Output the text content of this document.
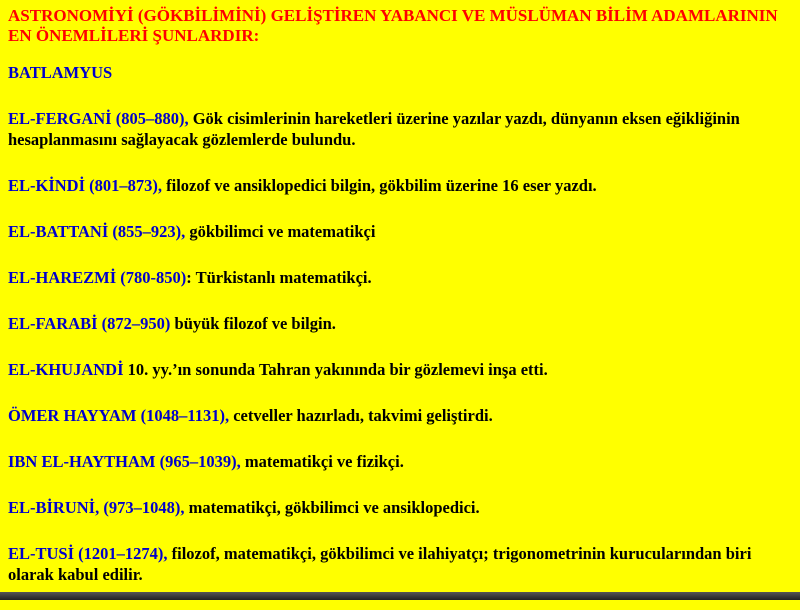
ASTRONOMİYİ (GÖKBİLİMİNİ) GELİŞTİREN YABANCI VE MÜSLÜMAN BİLİM ADAMLARININ EN ÖNEMLİLERİ ŞUNLARDIR:

BATLAMYUS

EL-FERGANİ (805–880), Gök cisimlerinin hareketleri üzerine yazılar yazdı, dünyanın eksen eğikliğinin hesaplanmasını sağlayacak gözlemlerde bulundu.

EL-KİNDİ (801–873), filozof ve ansiklopedici bilgin, gökbilim üzerine 16 eser yazdı.

EL-BATTANİ (855–923), gökbilimci ve matematikçi

EL-HAREZMİ (780-850): Türkistanlı matematikçi.

EL-FARABİ (872–950) büyük filozof ve bilgin.

EL-KHUJANDİ 10. yy.’ın sonunda Tahran yakınında bir gözlemevi inşa etti.

ÖMER HAYYAM (1048–1131), cetveller hazırladı, takvimi geliştirdi.

IBN EL-HAYTHAM (965–1039), matematikçi ve fizikçi.

EL-BİRUNİ, (973–1048), matematikçi, gökbilimci ve ansiklopedici.

EL-TUSİ (1201–1274), filozof, matematikçi, gökbilimci ve ilahiyatçı; trigonometrinin kurucularından biri olarak kabul edilir.
